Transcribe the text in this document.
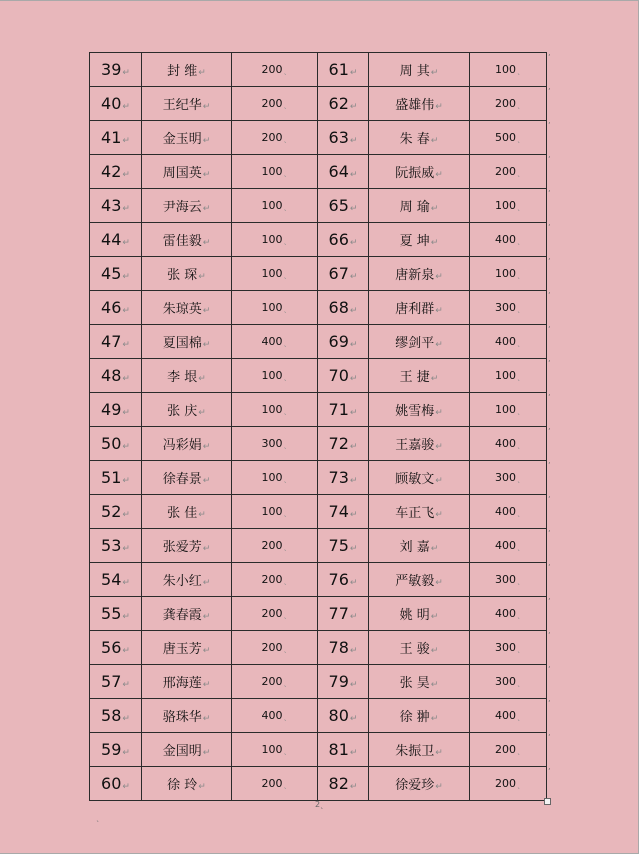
39↵	封 维↵	200ˎ	61↵	周 其↵	100ˎ
40↵	王纪华↵	200ˎ	62↵	盛雄伟↵	200ˎ
41↵	金玉明↵	200ˎ	63↵	朱 春↵	500ˎ
42↵	周国英↵	100ˎ	64↵	阮振威↵	200ˎ
43↵	尹海云↵	100ˎ	65↵	周 瑜↵	100ˎ
44↵	雷佳毅↵	100ˎ	66↵	夏 坤↵	400ˎ
45↵	张 琛↵	100ˎ	67↵	唐新泉↵	100ˎ
46↵	朱琼英↵	100ˎ	68↵	唐利群↵	300ˎ
47↵	夏国棉↵	400ˎ	69↵	缪剑平↵	400ˎ
48↵	李 垠↵	100ˎ	70↵	王 捷↵	100ˎ
49↵	张 庆↵	100ˎ	71↵	姚雪梅↵	100ˎ
50↵	冯彩娟↵	300ˎ	72↵	王嘉骏↵	400ˎ
51↵	徐春景↵	100ˎ	73↵	顾敏文↵	300ˎ
52↵	张 佳↵	100ˎ	74↵	车正飞↵	400ˎ
53↵	张爱芳↵	200ˎ	75↵	刘 嘉↵	400ˎ
54↵	朱小红↵	200ˎ	76↵	严敏毅↵	300ˎ
55↵	龚春霞↵	200ˎ	77↵	姚 明↵	400ˎ
56↵	唐玉芳↵	200ˎ	78↵	王 骏↵	300ˎ
57↵	邢海莲↵	200ˎ	79↵	张 昊↵	300ˎ
58↵	骆珠华↵	400ˎ	80↵	徐 翀↵	400ˎ
59↵	金国明↵	100ˎ	81↵	朱振卫↵	200ˎ
60↵	徐 玲↵	200ˎ	82↵	徐爱珍↵	200ˎ
ʼ
ʼ
ʼ
ʼ
ʼ
ʼ
ʼ
ʼ
ʼ
ʼ
ʼ
ʼ
ʼ
ʼ
ʼ
ʼ
ʼ
ʼ
ʼ
ʼ
ʼ
ʼ
2ˎ
ˎ
